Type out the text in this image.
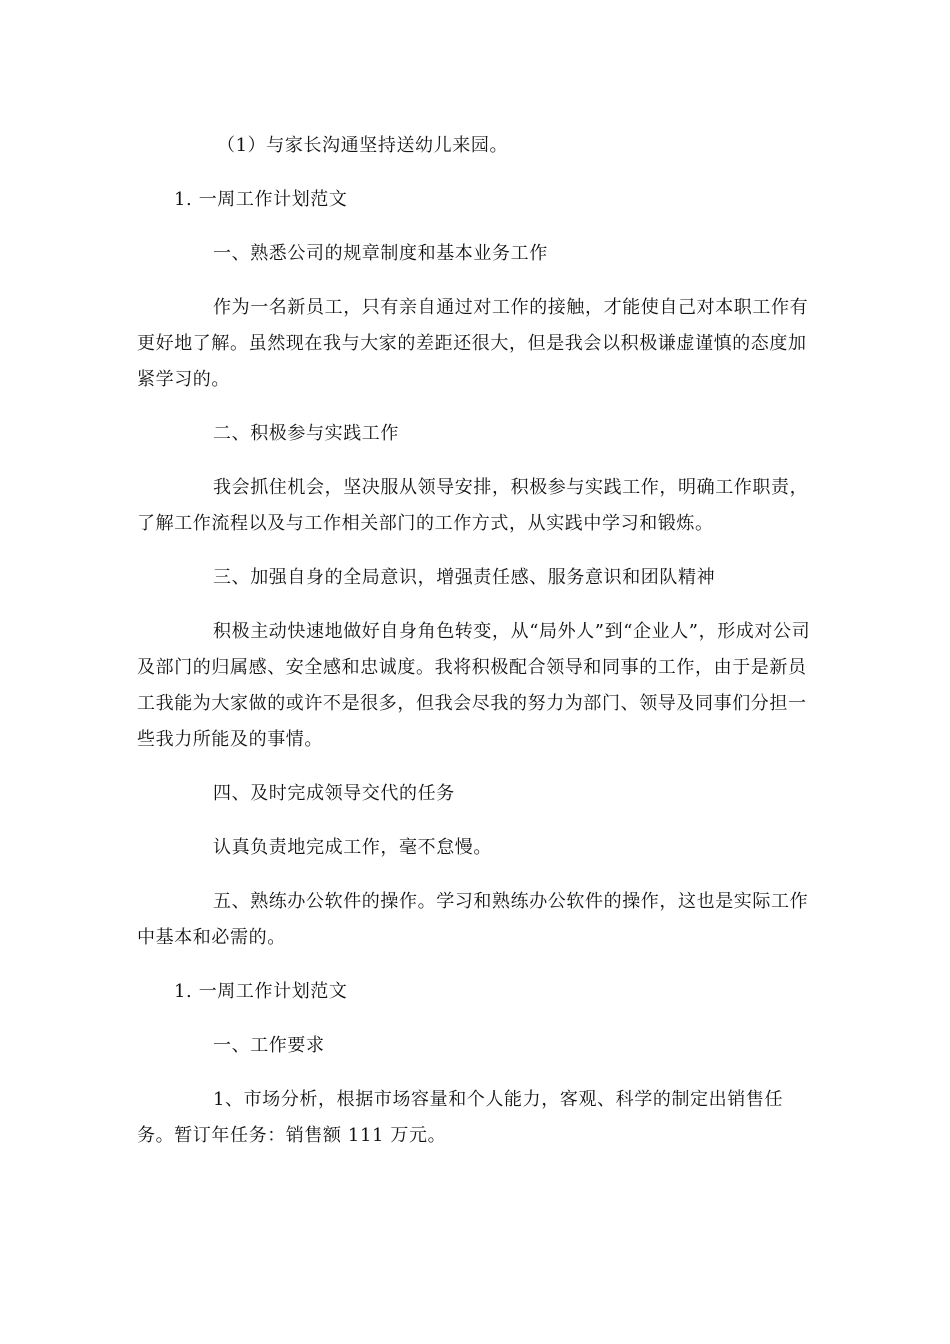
（1）与家长沟通坚持送幼儿来园。

1. 一周工作计划范文

一、熟悉公司的规章制度和基本业务工作

作为一名新员工，只有亲自通过对工作的接触，才能使自己对本职工作有更好地了解。虽然现在我与大家的差距还很大，但是我会以积极谦虚谨慎的态度加紧学习的。

二、积极参与实践工作

我会抓住机会，坚决服从领导安排，积极参与实践工作，明确工作职责，了解工作流程以及与工作相关部门的工作方式，从实践中学习和锻炼。

三、加强自身的全局意识，增强责任感、服务意识和团队精神

积极主动快速地做好自身角色转变，从“局外人”到“企业人”，形成对公司及部门的归属感、安全感和忠诚度。我将积极配合领导和同事的工作，由于是新员工我能为大家做的或许不是很多，但我会尽我的努力为部门、领导及同事们分担一些我力所能及的事情。

四、及时完成领导交代的任务

认真负责地完成工作，毫不怠慢。

五、熟练办公软件的操作。学习和熟练办公软件的操作，这也是实际工作中基本和必需的。

1. 一周工作计划范文

一、工作要求

1、市场分析，根据市场容量和个人能力，客观、科学的制定出销售任务。暂订年任务：销售额 111 万元。
